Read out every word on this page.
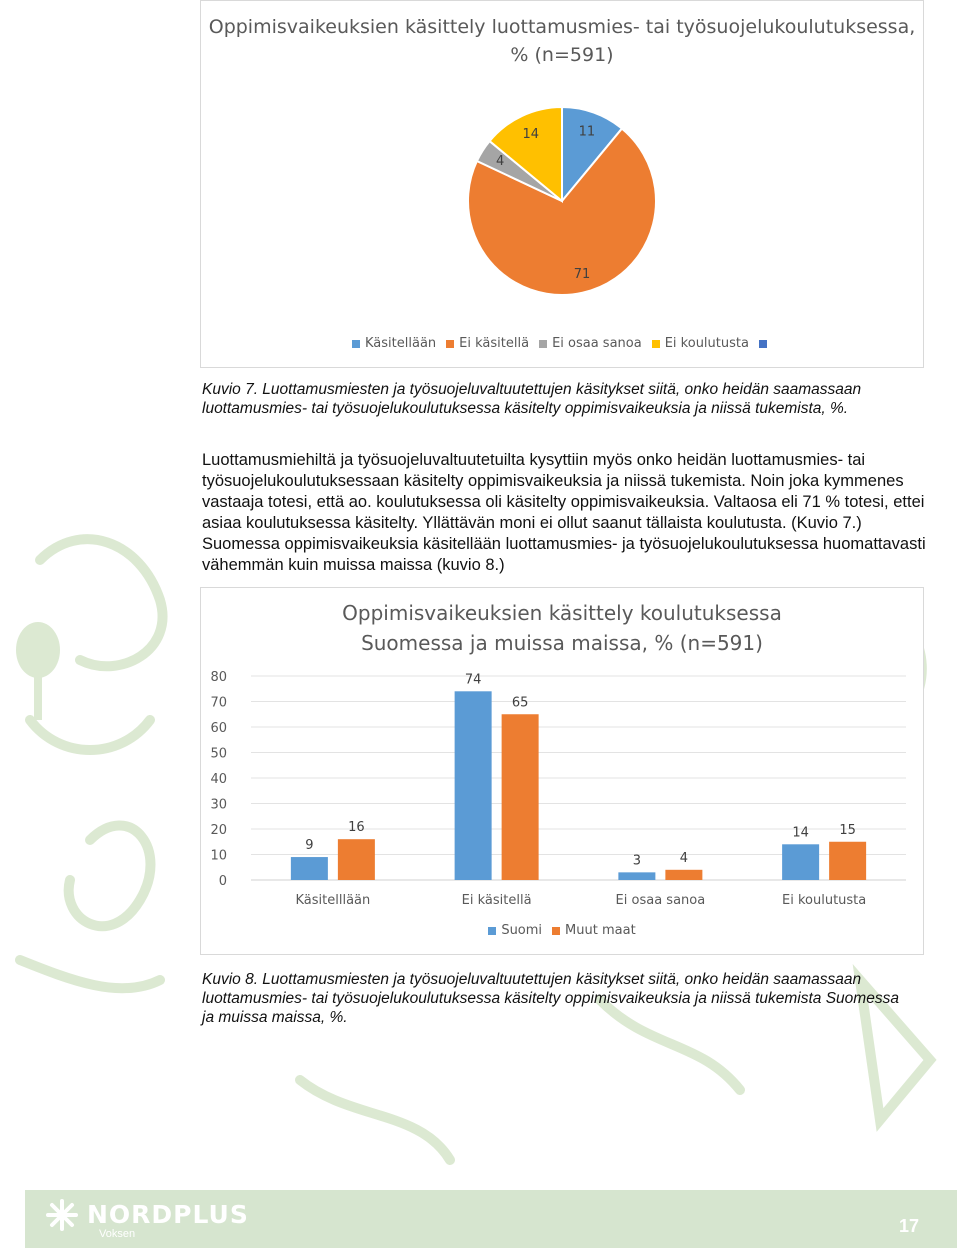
Oppimisvaikeuksien käsittely luottamusmies- tai työsuojelukoulutuksessa, % (n=591)
11
71
4
14
Käsitellään Ei käsitellä Ei osaa sanoa Ei koulutusta
Kuvio 7. Luottamusmiesten ja työsuojeluvaltuutettujen käsitykset siitä, onko heidän saamassaan luottamusmies- tai työsuojelukoulutuksessa käsitelty oppimisvaikeuksia ja niissä tukemista, %.
Luottamusmiehiltä ja työsuojeluvaltuutetuilta kysyttiin myös onko heidän luottamusmies- tai työsuojelukoulutuksessaan käsitelty oppimisvaikeuksia ja niissä tukemista. Noin joka kymmenes vastaaja totesi, että ao. koulutuksessa oli käsitelty oppimisvaikeuksia. Valtaosa eli 71 % totesi, ettei asiaa koulutuksessa käsitelty. Yllättävän moni ei ollut saanut tällaista koulutusta. (Kuvio 7.) Suomessa oppimisvaikeuksia käsitellään luottamusmies- ja työsuojelukoulutuksessa huomattavasti vähemmän kuin muissa maissa (kuvio 8.)
Oppimisvaikeuksien käsittely koulutuksessa Suomessa ja muissa maissa, % (n=591)
0
10
20
30
40
50
60
70
80
9
16
Käsitelllään
74
65
Ei käsitellä
3	4
Ei osaa sanoa
14 15
Ei koulutusta
Suomi Muut maat
Kuvio 8. Luottamusmiesten ja työsuojeluvaltuutettujen käsitykset siitä, onko heidän saamassaan luottamusmies- tai työsuojelukoulutuksessa käsitelty oppimisvaikeuksia ja niissä tukemista Suomessa ja muissa maissa, %.
NORDPLUS
Voksen	17
